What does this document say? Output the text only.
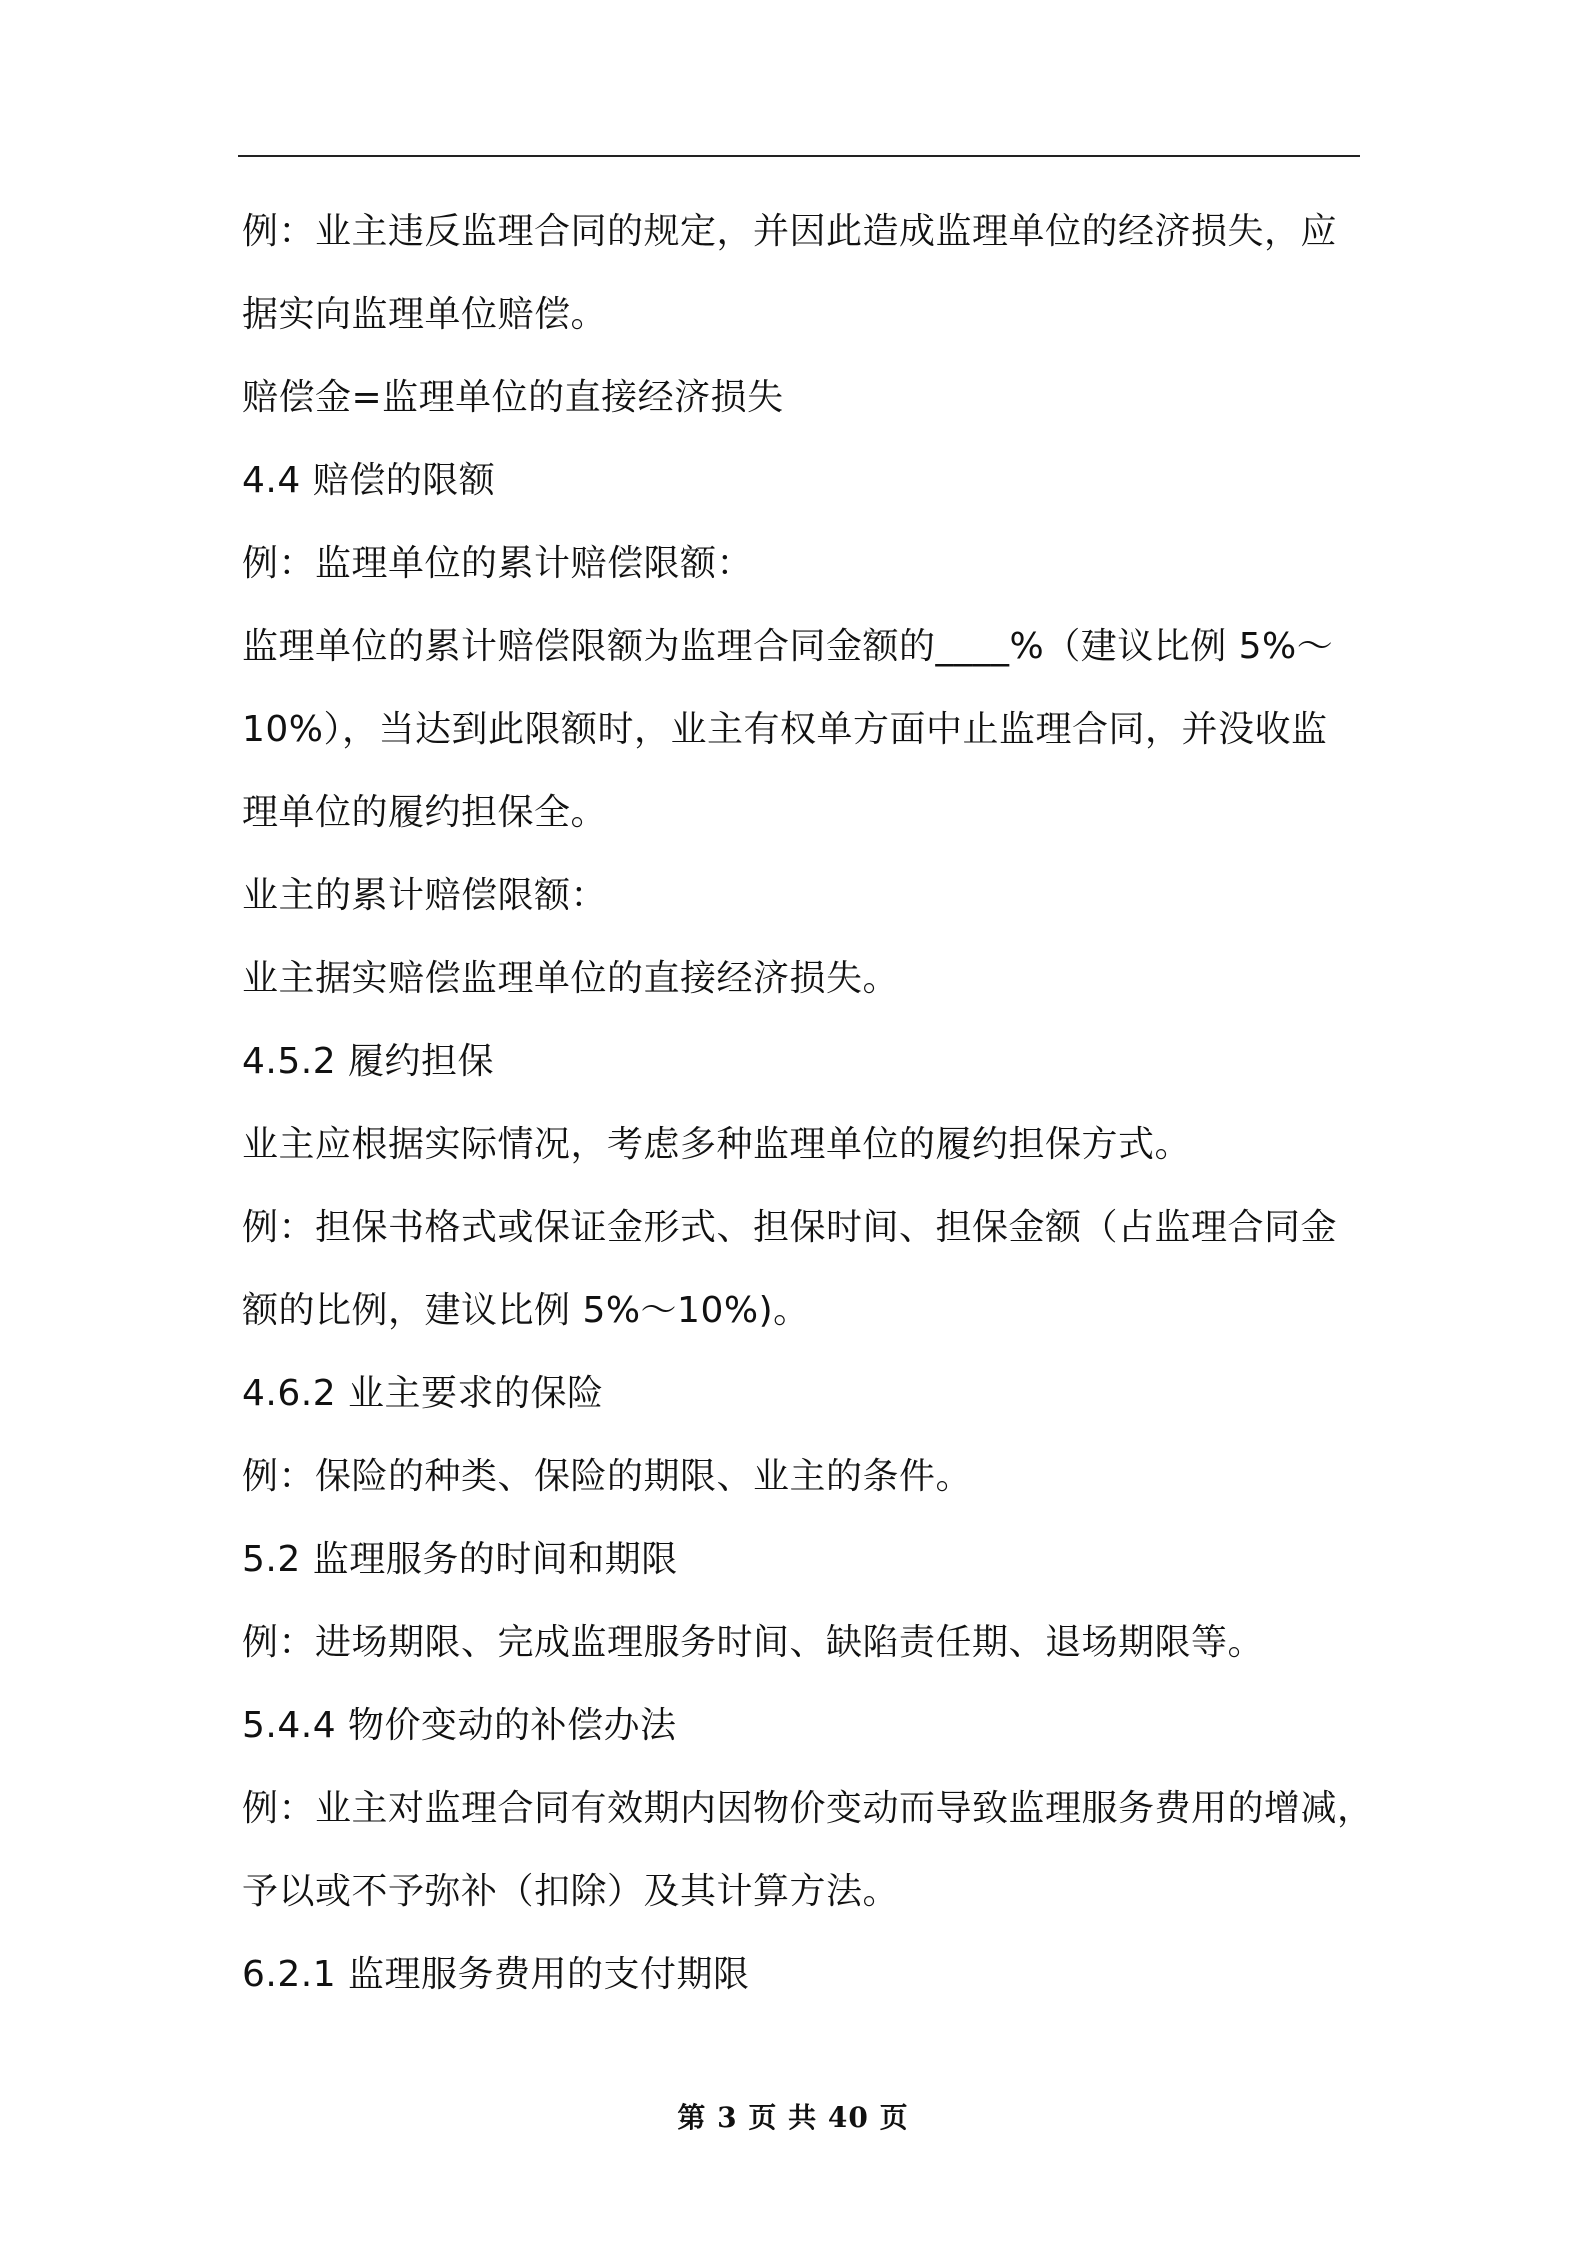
例：业主违反监理合同的规定，并因此造成监理单位的经济损失，应
据实向监理单位赔偿。
赔偿金=监理单位的直接经济损失
4.4 赔偿的限额
例：监理单位的累计赔偿限额：
监理单位的累计赔偿限额为监理合同金额的____%（建议比例 5%～
10%），当达到此限额时，业主有权单方面中止监理合同，并没收监
理单位的履约担保全。
业主的累计赔偿限额：
业主据实赔偿监理单位的直接经济损失。
4.5.2 履约担保
业主应根据实际情况，考虑多种监理单位的履约担保方式。
例：担保书格式或保证金形式、担保时间、担保金额（占监理合同金
额的比例，建议比例 5%～10%)。
4.6.2 业主要求的保险
例：保险的种类、保险的期限、业主的条件。
5.2 监理服务的时间和期限
例：进场期限、完成监理服务时间、缺陷责任期、退场期限等。
5.4.4 物价变动的补偿办法
例：业主对监理合同有效期内因物价变动而导致监理服务费用的增减，
予以或不予弥补（扣除）及其计算方法。
6.2.1 监理服务费用的支付期限
第 3 页 共 40 页
